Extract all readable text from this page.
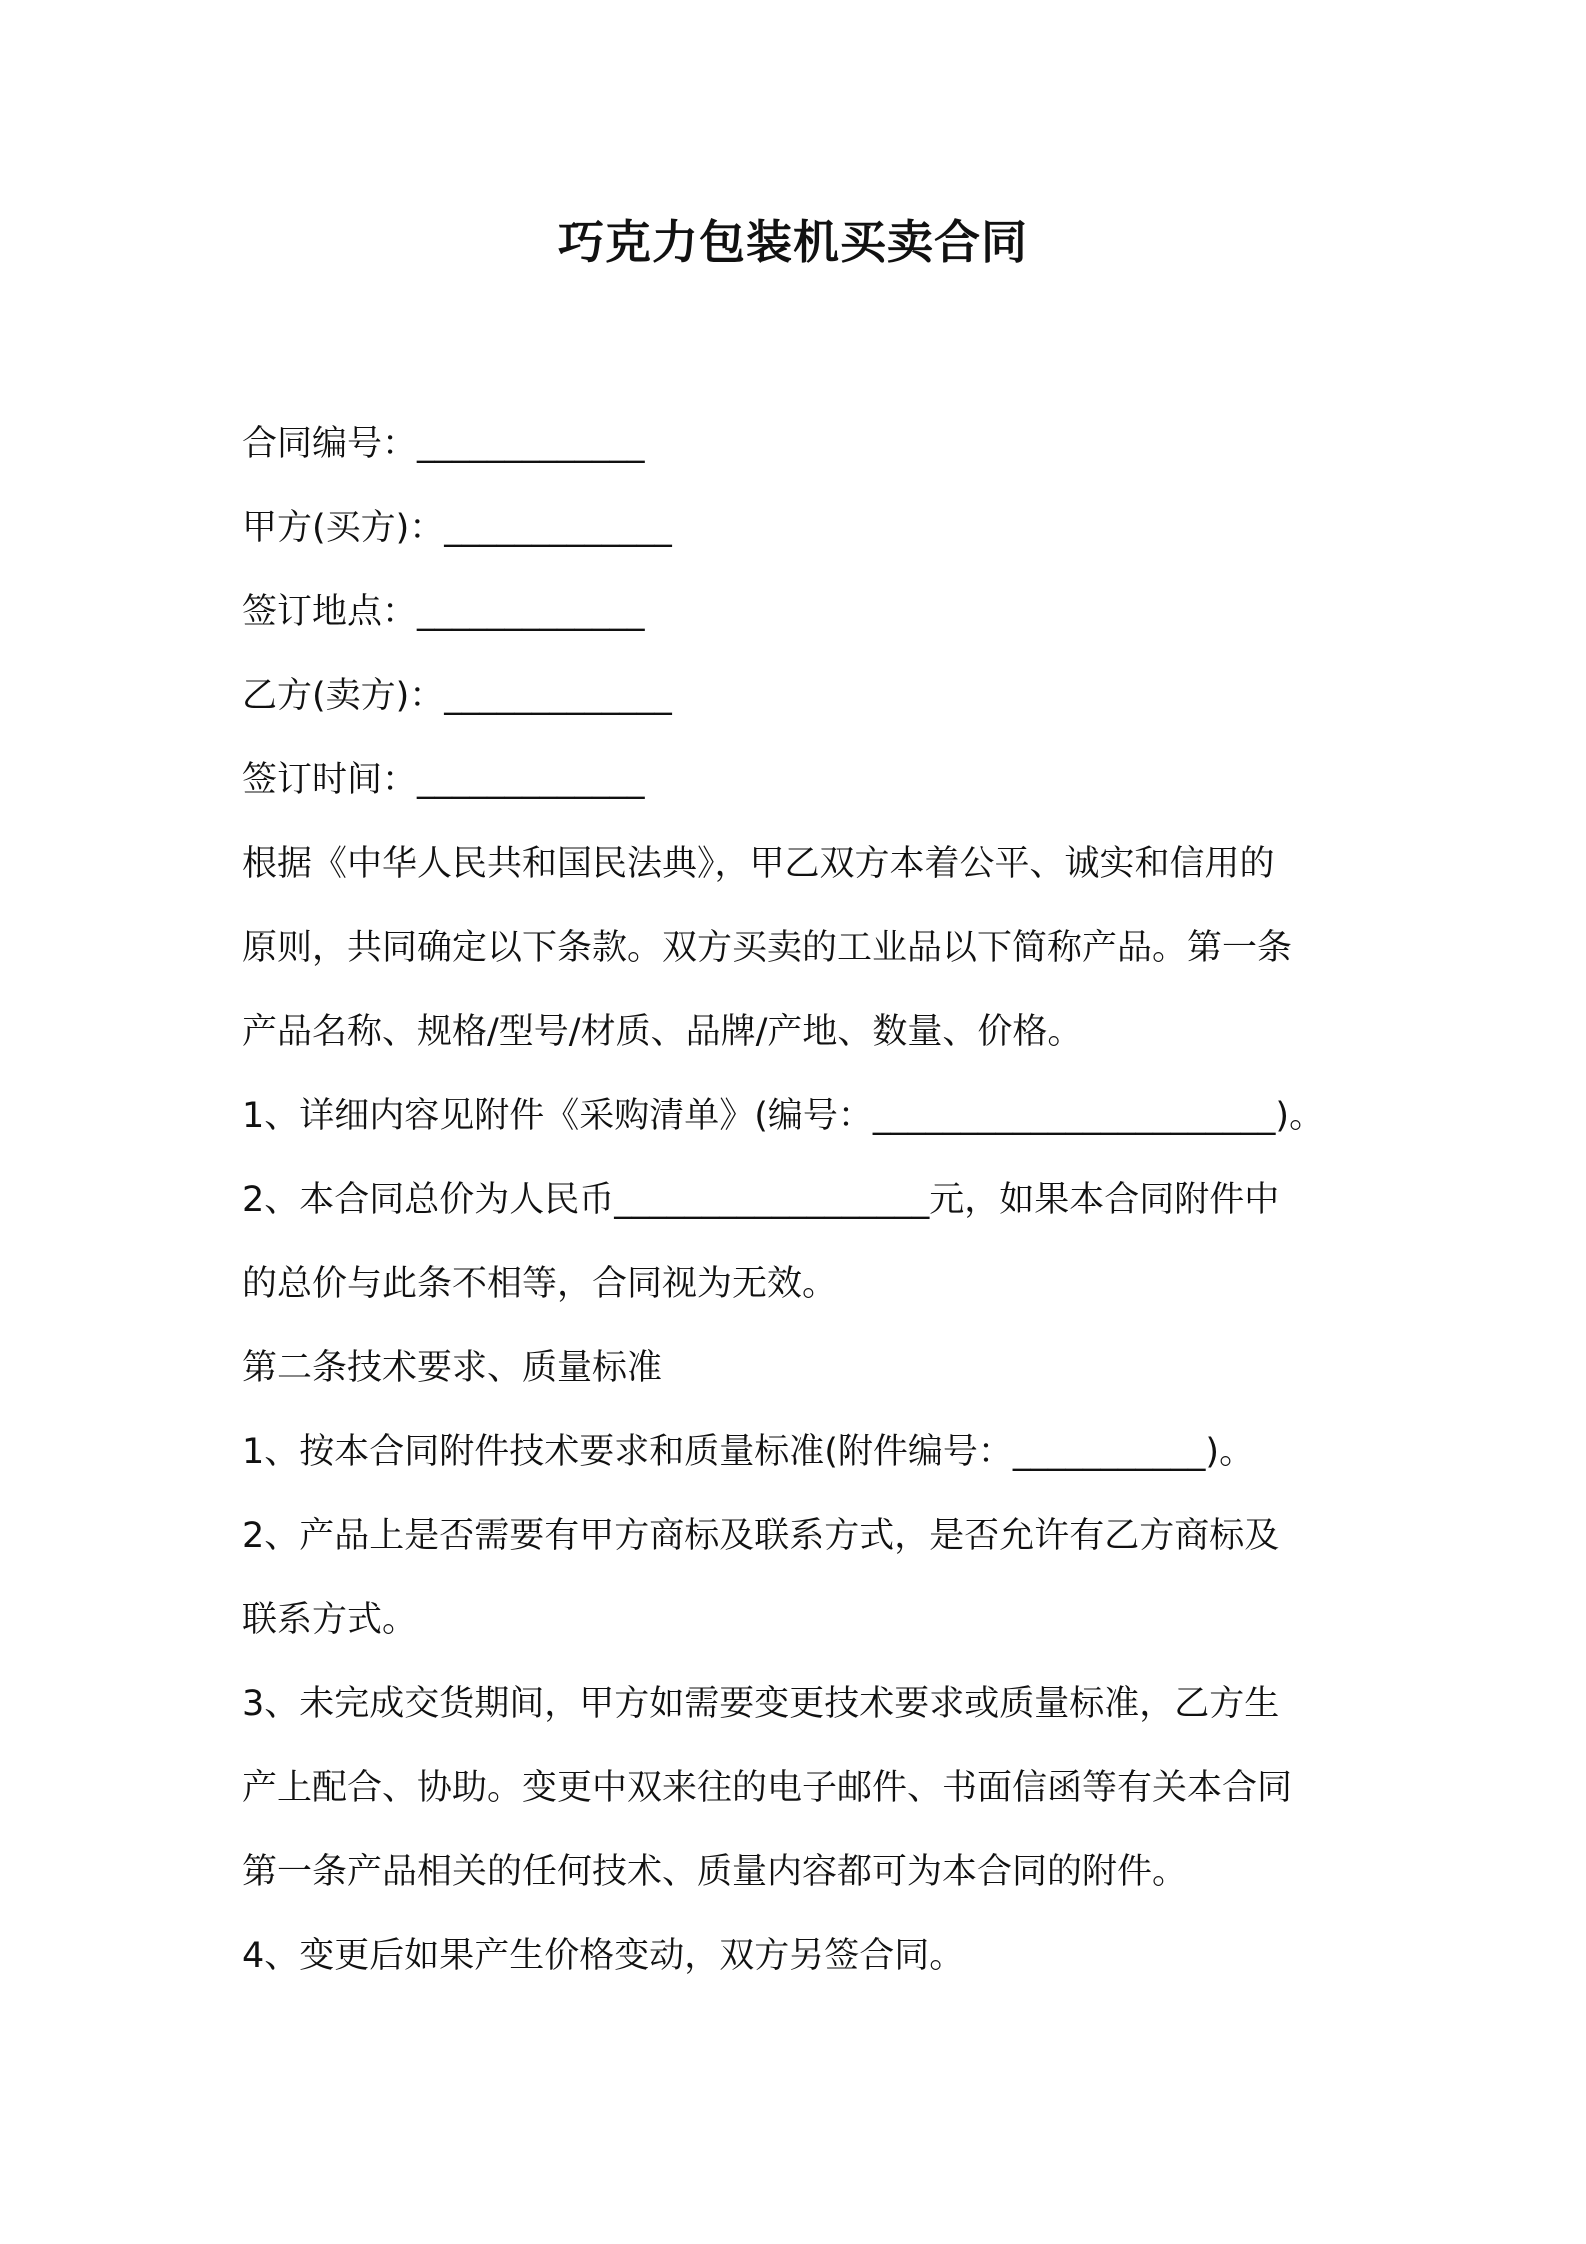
巧克力包装机买卖合同
合同编号：_____________
甲方(买方)：_____________
签订地点：_____________
乙方(卖方)：_____________
签订时间：_____________
根据《中华人民共和国民法典》，甲乙双方本着公平、诚实和信用的
原则，共同确定以下条款。双方买卖的工业品以下简称产品。第一条
产品名称、规格/型号/材质、品牌/产地、数量、价格。
1、详细内容见附件《采购清单》(编号：_______________________)。
2、本合同总价为人民币__________________元，如果本合同附件中
的总价与此条不相等，合同视为无效。
第二条技术要求、质量标准
1、按本合同附件技术要求和质量标准(附件编号：___________)。
2、产品上是否需要有甲方商标及联系方式，是否允许有乙方商标及
联系方式。
3、未完成交货期间，甲方如需要变更技术要求或质量标准，乙方生
产上配合、协助。变更中双来往的电子邮件、书面信函等有关本合同
第一条产品相关的任何技术、质量内容都可为本合同的附件。
4、变更后如果产生价格变动，双方另签合同。
